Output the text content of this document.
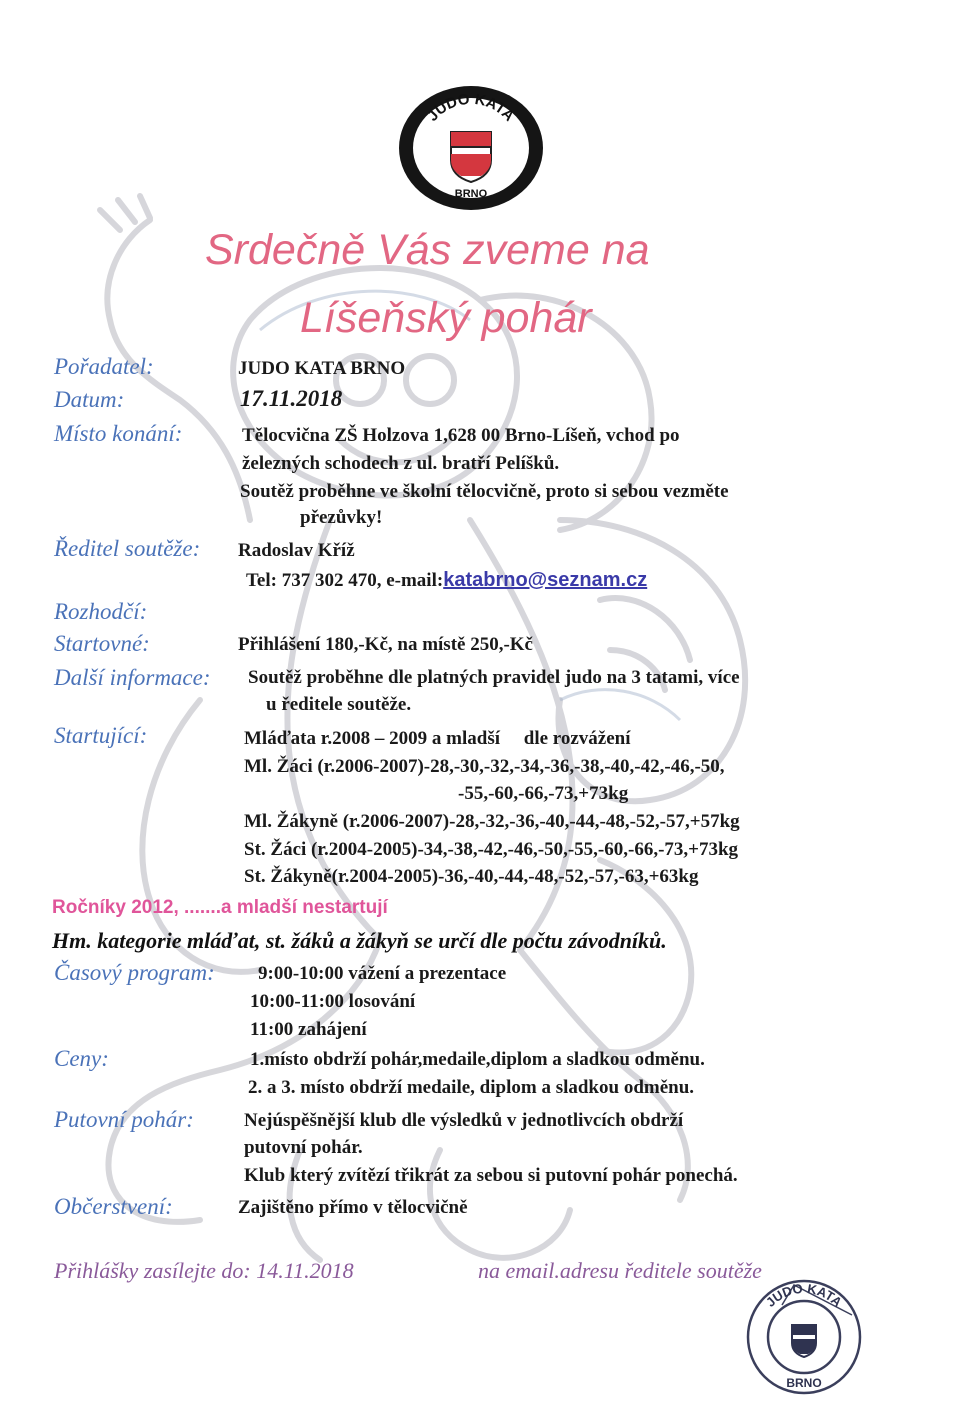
JUDO KATA
BRNO
Srdečně Vás zveme na
Líšeňský pohár
Pořadatel:	JUDO KATA BRNO
Datum:	17.11.2018
Místo konání:	Tělocvična ZŠ Holzova 1,628 00 Brno-Líšeň, vchod po
železných schodech z ul. bratří Pelíšků.
Soutěž proběhne ve školní tělocvičně, proto si sebou vezměte
přezůvky!
Ředitel soutěže: Radoslav Kříž
Tel: 737 302 470, e-mail:katabrno@seznam.cz
Rozhodčí:
Startovné:	Přihlášení 180,-Kč, na místě 250,-Kč
Další informace: Soutěž proběhne dle platných pravidel judo na 3 tatami, více
u ředitele soutěže.
Startující:	Mláďata r.2008 – 2009 a mladší     dle rozvážení
Ml. Žáci (r.2006-2007)-28,-30,-32,-34,-36,-38,-40,-42,-46,-50,
-55,-60,-66,-73,+73kg
Ml. Žákyně (r.2006-2007)-28,-32,-36,-40,-44,-48,-52,-57,+57kg
St. Žáci (r.2004-2005)-34,-38,-42,-46,-50,-55,-60,-66,-73,+73kg
St. Žákyně(r.2004-2005)-36,-40,-44,-48,-52,-57,-63,+63kg
Ročníky 2012, .......a mladší nestartují
Hm. kategorie mláďat, st. žáků a žákyň se určí dle počtu závodníků.
Časový program: 9:00-10:00 vážení a prezentace
10:00-11:00 losování
11:00 zahájení
Ceny:	1.místo obdrží pohár,medaile,diplom a sladkou odměnu.
2. a 3. místo obdrží medaile, diplom a sladkou odměnu.
Putovní pohár:	Nejúspěšnější klub dle výsledků v jednotlivcích obdrží
putovní pohár.
Klub který zvítězí třikrát za sebou si putovní pohár ponechá.
Občerstvení:	Zajištěno přímo v tělocvičně
Přihlášky zasílejte do: 14.11.2018	na email.adresu ředitele soutěže
JUDO KATA
BRNO
